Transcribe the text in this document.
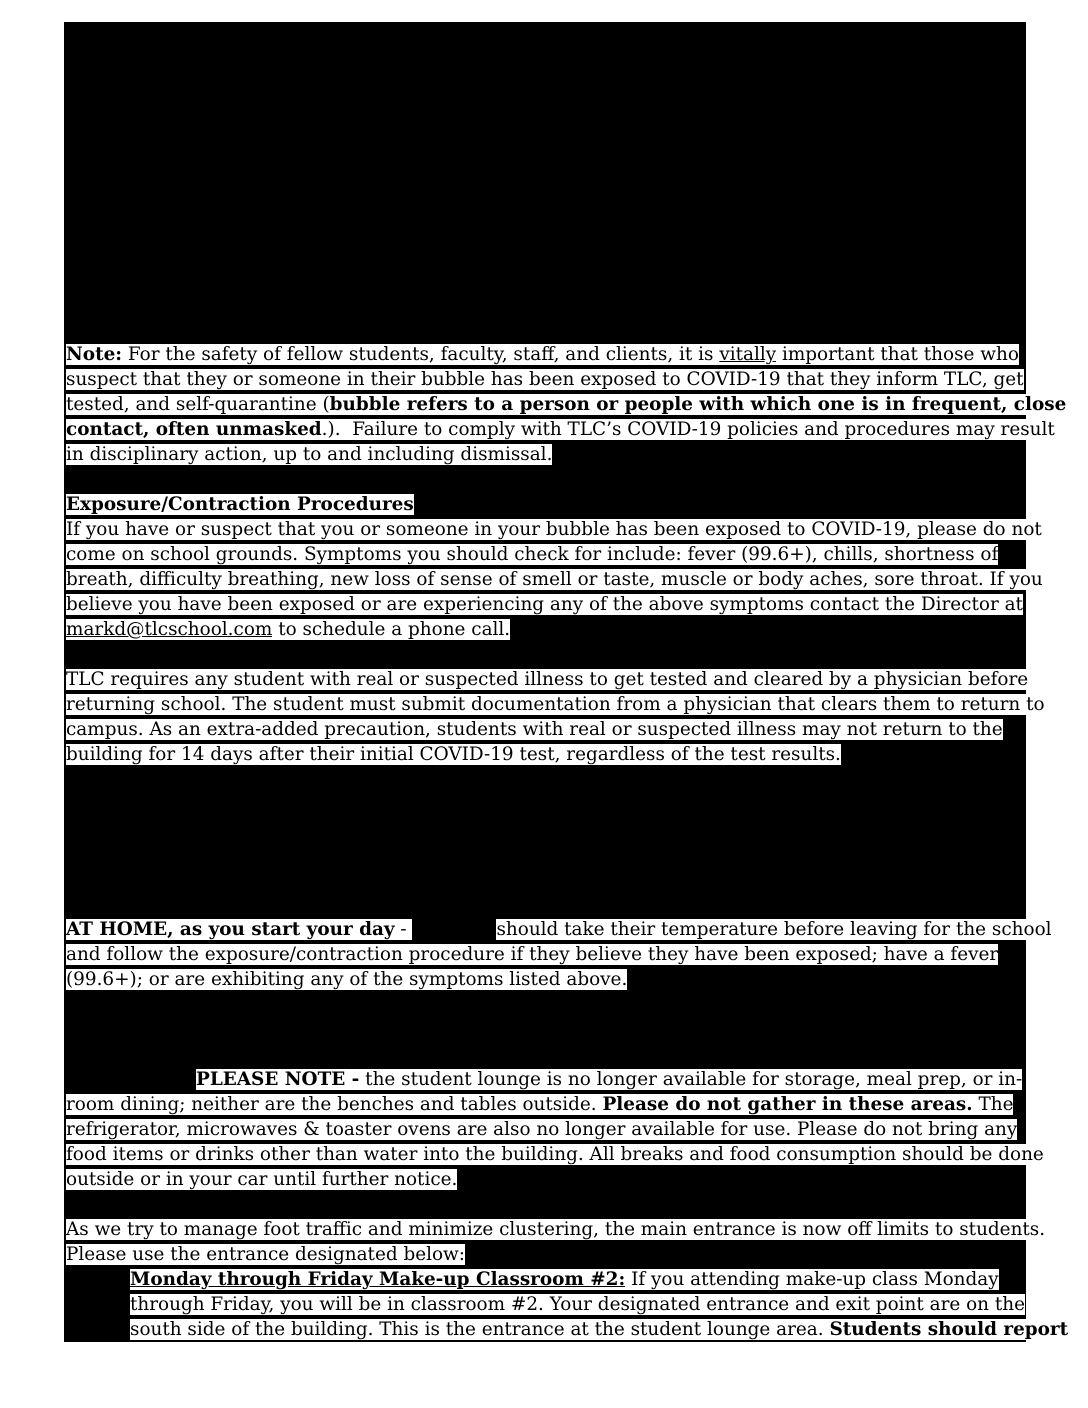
Note: For the safety of fellow students, faculty, staff, and clients, it is vitally important that those who
suspect that they or someone in their bubble has been exposed to COVID-19 that they inform TLC, get
tested, and self-quarantine (bubble refers to a person or people with which one is in frequent, close
contact, often unmasked.).  Failure to comply with TLC’s COVID-19 policies and procedures may result
in disciplinary action, up to and including dismissal.
Exposure/Contraction Procedures
If you have or suspect that you or someone in your bubble has been exposed to COVID-19, please do not
come on school grounds. Symptoms you should check for include: fever (99.6+), chills, shortness of
breath, difficulty breathing, new loss of sense of smell or taste, muscle or body aches, sore throat. If you
believe you have been exposed or are experiencing any of the above symptoms contact the Director at
markd@tlcschool.com to schedule a phone call.
TLC requires any student with real or suspected illness to get tested and cleared by a physician before
returning school. The student must submit documentation from a physician that clears them to return to
campus. As an extra-added precaution, students with real or suspected illness may not return to the
building for 14 days after their initial COVID-19 test, regardless of the test results.
AT HOME, as you start your day -	should take their temperature before leaving for the school
and follow the exposure/contraction procedure if they believe they have been exposed; have a fever
(99.6+); or are exhibiting any of the symptoms listed above.
PLEASE NOTE - the student lounge is no longer available for storage, meal prep, or in-
room dining; neither are the benches and tables outside. Please do not gather in these areas. The
refrigerator, microwaves & toaster ovens are also no longer available for use. Please do not bring any
food items or drinks other than water into the building. All breaks and food consumption should be done
outside or in your car until further notice.
As we try to manage foot traffic and minimize clustering, the main entrance is now off limits to students.
Please use the entrance designated below:
Monday through Friday Make-up Classroom #2: If you attending make-up class Monday
through Friday, you will be in classroom #2. Your designated entrance and exit point are on the
south side of the building. This is the entrance at the student lounge area. Students should report
